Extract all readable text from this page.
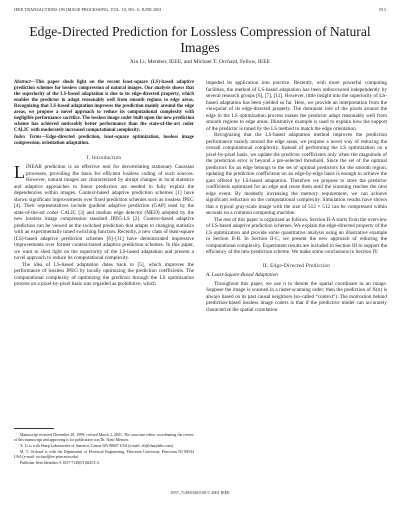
IEEE TRANSACTIONS ON IMAGE PROCESSING, VOL. 10, NO. 6, JUNE 2001	813
Edge-Directed Prediction for Lossless Compression of Natural Images
Xin Li, Member, IEEE, and Michael T. Orchard, Fellow, IEEE
Abstract—This paper sheds light on the recent least-square (LS)-based adaptive prediction schemes for lossless compression of natural images. Our analysis shows that the superiority of the LS-based adaptation is due to its edge-directed property, which enables the predictor to adapt reasonably well from smooth regions to edge areas. Recognizing that LS-based adaptation improves the prediction mainly around the edge areas, we propose a novel approach to reduce its computational complexity with negligible performance sacrifice. The lossless image coder built upon the new prediction scheme has achieved noticeably better performance than the state-of-the-art coder CALIC with moderately increased computational complexity.
Index Terms—Edge-directed prediction, least-square optimization, lossless image compression, orientation adaptation.
I. Introduction

LINEAR prediction is an effective tool for decorrelating stationary Gaussian processes, providing the basis for efficient lossless coding of such sources. However, natural images are characterized by abrupt changes in local statistics and adaptive approaches to linear prediction are needed to fully exploit the dependencies within images. Context-based adaptive prediction schemes [1] have shown significant improvements over fixed prediction schemes such as lossless JPEG [4]. Their representatives include gradient adaptive prediction (GAP) used by the state-of-the-art coder CALIC [3] and median edge detector (MED) adopted by the new lossless image compression standard JPEG-LS [2]. Context-based adaptive prediction can be viewed as the switched prediction that adapts to changing statistics with an experimentally tuned switching function. Recently, a new class of least-square (LS)-based adaptive prediction schemes [6]–[11] have demonstrated impressive improvements over former context-based adaptive prediction schemes. In this paper, we want to shed light on the superiority of the LS-based adaptation and present a novel approach to reduce its computational complexity.

The idea of LS-based adaptation dates back to [5], which improves the performance of lossless JPEG by locally optimizing the prediction coefficients. The computational complexity of optimizing the predictor through the LS optimization process on a pixel-by-pixel basis was regarded as prohibitive, which

impeded its application into practice. Recently, with more powerful computing facilities, the method of LS-based adaptation has been rediscovered independently by several research groups [6], [7], [11]. However, little insight into the superiority of LS-based adaptation has been yielded so far. Here, we provide an interpretation from the viewpoint of its edge-directed property. The dominant role of the pixels around the edge in the LS optimization process makes the predictor adapt reasonably well from smooth regions to edge areas. Illustrative example is used to explain how the support of the predictor is tuned by the LS method to match the edge orientation.

Recognizing that the LS-based adaptation method improves the prediction performance mainly around the edge areas, we propose a novel way of reducing the overall computational complexity. Instead of performing the LS optimization on a pixel-by-pixel basis, we update the predictor coefficients only when the magnitude of the prediction error is beyond a pre-selected threshold. Since the set of the optimal predictors for an edge belongs to the set of optimal predictors for the smooth region, updating the prediction coefficients on an edge-by-edge basis is enough to achieve the gain offered by LS-based adaptation. Therefore we propose to store the predictor coefficients optimized for an edge and reuse them until the scanning reaches the next edge event. By modestly increasing the memory requirement, we can achieve significant reduction on the computational complexity. Simulation results have shown that a typical gray-scale image with the size of 512 × 512 can be compressed within seconds on a common computing machine.

The rest of this paper is organized as follows. Section II-A starts from the overview of LS-based adaptive prediction schemes. We explain the edge-directed property of the LS optimization and provide some quantitative analysis using an illustrative example in Section II-B. In Section II-C, we present the new approach of reducing the computational complexity. Experiment results are included in Section III to support the efficiency of the new prediction scheme. We make some conclusions in Section IV.

II. Edge-Directed Prediction
A. Least-Square-Based Adaptation

Throughout this paper, we use n to denote the spatial coordinate in an image. Suppose the image is scanned in a raster-scanning order; then the prediction of X(n) is always based on its past causal neighbors (so-called “context”). The motivation behind prediction-based lossless image coders is that if the predictive model can accurately characterize the spatial correlation

Manuscript received December 28, 1999; revised March 2, 2001. The associate editor coordinating the review of this manuscript and approving it for publication was Dr. Nasir Memon.

X. Li is with Sharp Laboratories of America, Camas WA 98607 USA (e-mail: xli@sharplabs.com).

M. T. Orchard is with the Department of Electrical Engineering, Princeton University, Princeton NJ 08544 USA (e-mail: orchard@ee.princeton.edu).

Publisher Item Identifier S 1057-7149(01)04472-4.

1057–7149/01$10.00 © 2001 IEEE
